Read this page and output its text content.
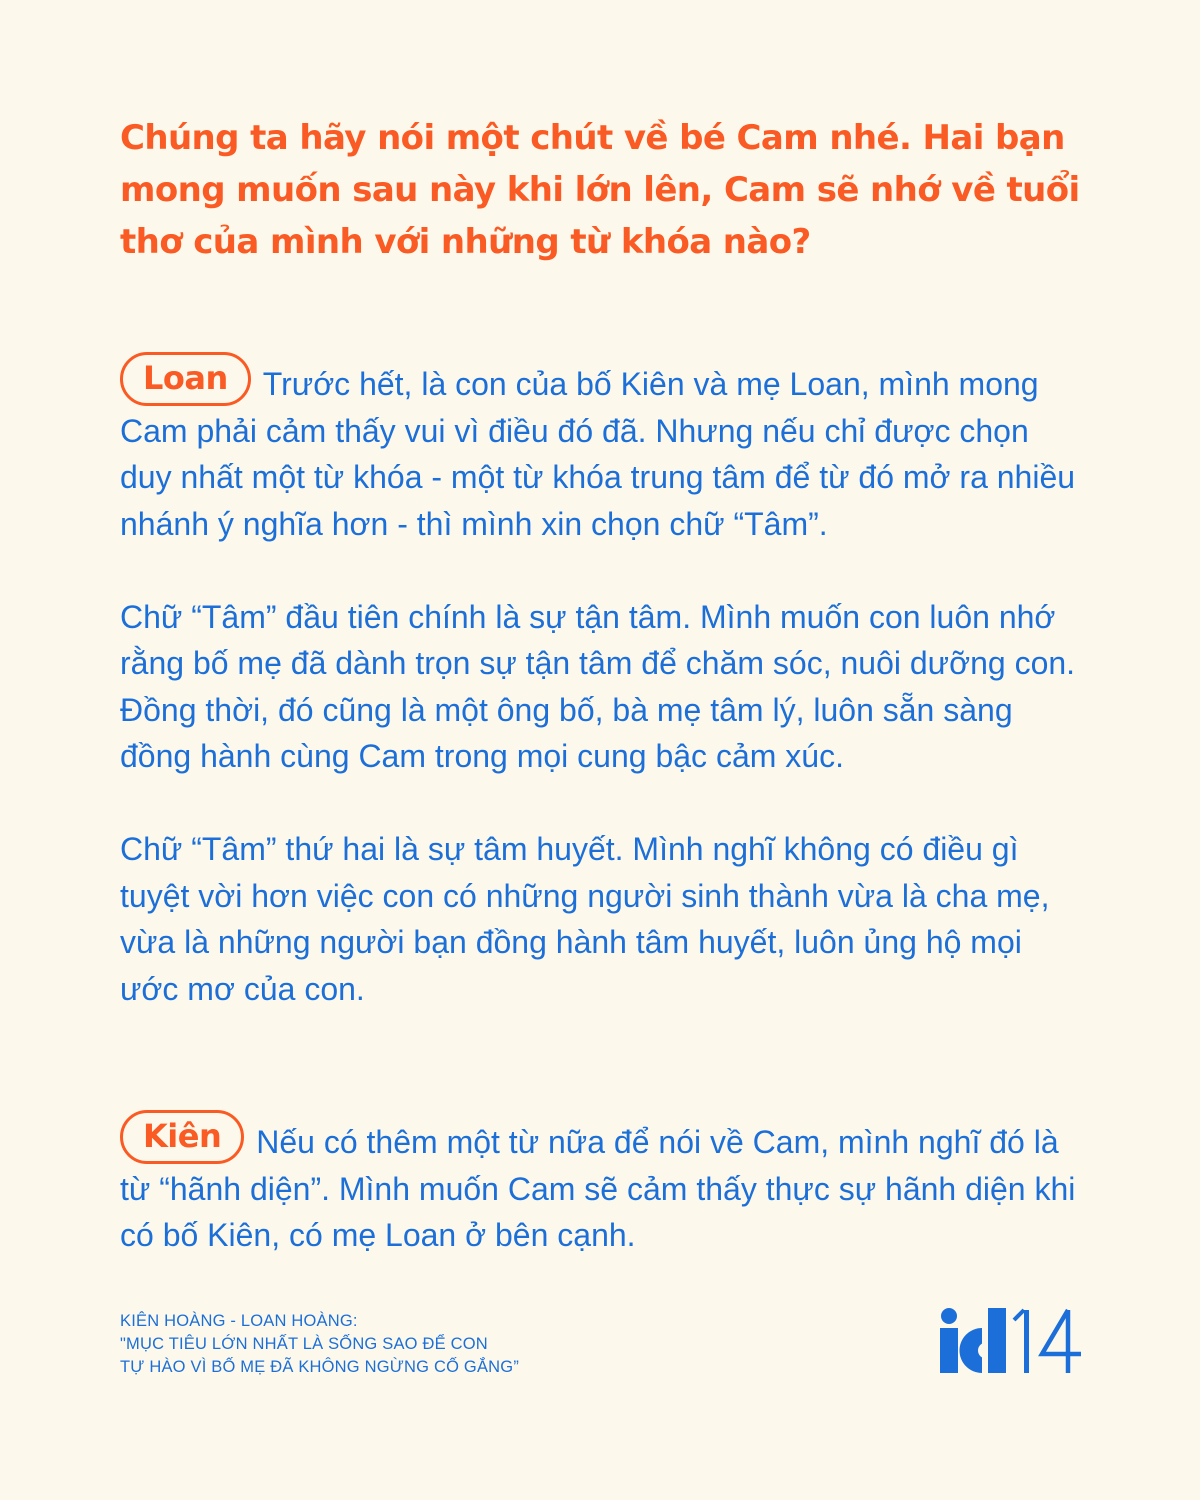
Chúng ta hãy nói một chút về bé Cam nhé. Hai bạn mong muốn sau này khi lớn lên, Cam sẽ nhớ về tuổi thơ của mình với những từ khóa nào?

Loan Trước hết, là con của bố Kiên và mẹ Loan, mình mong Cam phải cảm thấy vui vì điều đó đã. Nhưng nếu chỉ được chọn duy nhất một từ khóa - một từ khóa trung tâm để từ đó mở ra nhiều nhánh ý nghĩa hơn - thì mình xin chọn chữ “Tâm”.

Chữ “Tâm” đầu tiên chính là sự tận tâm. Mình muốn con luôn nhớ rằng bố mẹ đã dành trọn sự tận tâm để chăm sóc, nuôi dưỡng con. Đồng thời, đó cũng là một ông bố, bà mẹ tâm lý, luôn sẵn sàng đồng hành cùng Cam trong mọi cung bậc cảm xúc.

Chữ “Tâm” thứ hai là sự tâm huyết. Mình nghĩ không có điều gì tuyệt vời hơn việc con có những người sinh thành vừa là cha mẹ, vừa là những người bạn đồng hành tâm huyết, luôn ủng hộ mọi ước mơ của con.

Kiên Nếu có thêm một từ nữa để nói về Cam, mình nghĩ đó là từ “hãnh diện”. Mình muốn Cam sẽ cảm thấy thực sự hãnh diện khi có bố Kiên, có mẹ Loan ở bên cạnh.

KIÊN HOÀNG - LOAN HOÀNG:
"MỤC TIÊU LỚN NHẤT LÀ SỐNG SAO ĐỂ CON
TỰ HÀO VÌ BỐ MẸ ĐÃ KHÔNG NGỪNG CỐ GẮNG”
